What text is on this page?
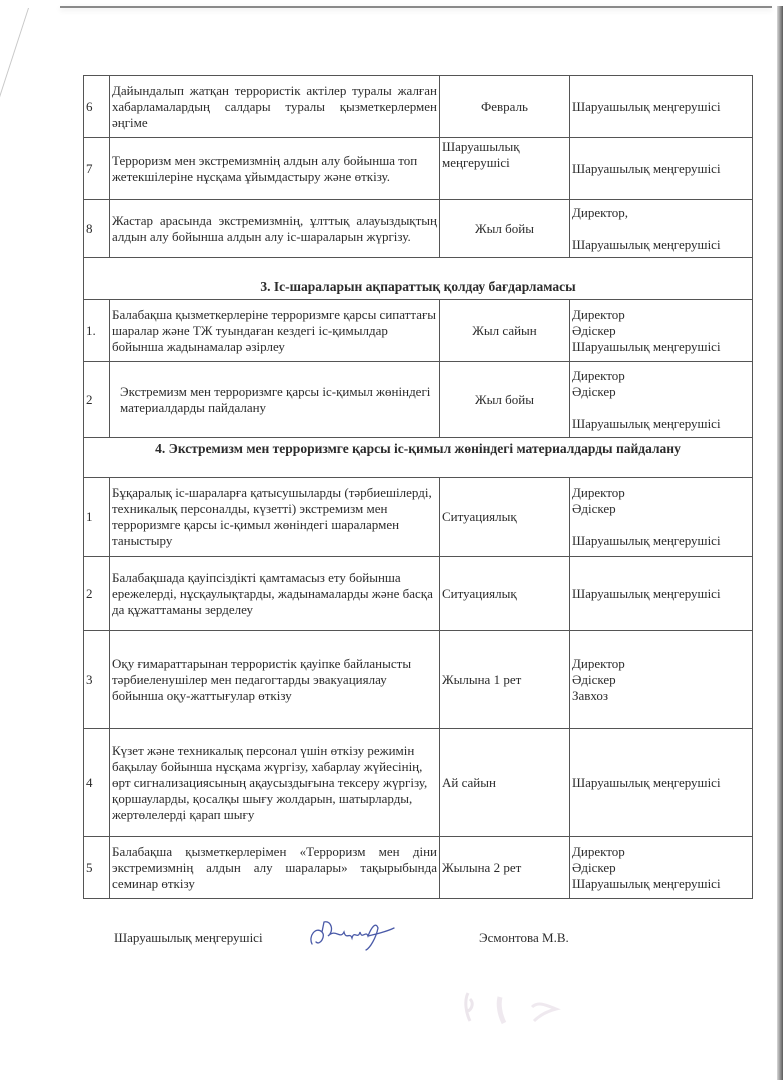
6	Дайындалып жатқан террористік актілер туралы жалған хабарламалардың салдары туралы қызметкерлермен әңгіме	Февраль	Шаруашылық меңгерушісі

7	Терроризм мен экстремизмнің алдын алу бойынша топ жетекшілеріне нұсқама ұйымдастыру және өткізу.	Шаруашылық меңгерушісі	Шаруашылық меңгерушісі

8	Жастар арасында экстремизмнің, ұлттық алауыздықтың алдын алу бойынша алдын алу іс-шараларын жүргізу.	Жыл бойы	Директор,
Шаруашылық меңгерушісі

3. Іс-шараларын ақпараттық қолдау бағдарламасы			
1.	Балабақша қызметкерлеріне терроризмге қарсы сипаттағы шаралар және ТЖ туындаған кездегі іс-қимылдар бойынша жадынамалар әзірлеу	Жыл сайын	Директор
Әдіскер
Шаруашылық меңгерушісі

2	Экстремизм мен терроризмге қарсы іс-қимыл жөніндегі материалдарды пайдалану	Жыл бойы	Директор
Әдіскер
Шаруашылық меңгерушісі

4. Экстремизм мен терроризмге қарсы іс-қимыл жөніндегі материалдарды пайдалану			
1	Бұқаралық іс-шараларға қатысушыларды (тәрбиешілерді, техникалық персоналды, күзетті) экстремизм мен терроризмге қарсы іс-қимыл жөніндегі шаралармен таныстыру	Ситуациялық	Директор
Әдіскер
Шаруашылық меңгерушісі

2	Балабақшада қауіпсіздікті қамтамасыз ету бойынша ережелерді, нұсқаулықтарды, жадынамаларды және басқа да құжаттаманы зерделеу	Ситуациялық	Шаруашылық меңгерушісі

3	Оқу ғимараттарынан террористік қауіпке байланысты тәрбиеленушілер мен педагогтарды эвакуациялау бойынша оқу-жаттығулар өткізу	Жылына 1 рет	Директор
Әдіскер
Завхоз

4	Күзет және техникалық персонал үшін өткізу режимін бақылау бойынша нұсқама жүргізу, хабарлау жүйесінің, өрт сигнализациясының ақаусыздығына тексеру жүргізу, қоршауларды, қосалқы шығу жолдарын, шатырларды, жертөлелерді қарап шығу	Ай сайын	Шаруашылық меңгерушісі

5	Балабақша қызметкерлерімен «Терроризм мен діни экстремизмнің алдын алу шаралары» тақырыбында семинар өткізу	Жылына 2 рет	Директор
Әдіскер
Шаруашылық меңгерушісі
Шаруашылық меңгерушісі	Эсмонтова М.В.
